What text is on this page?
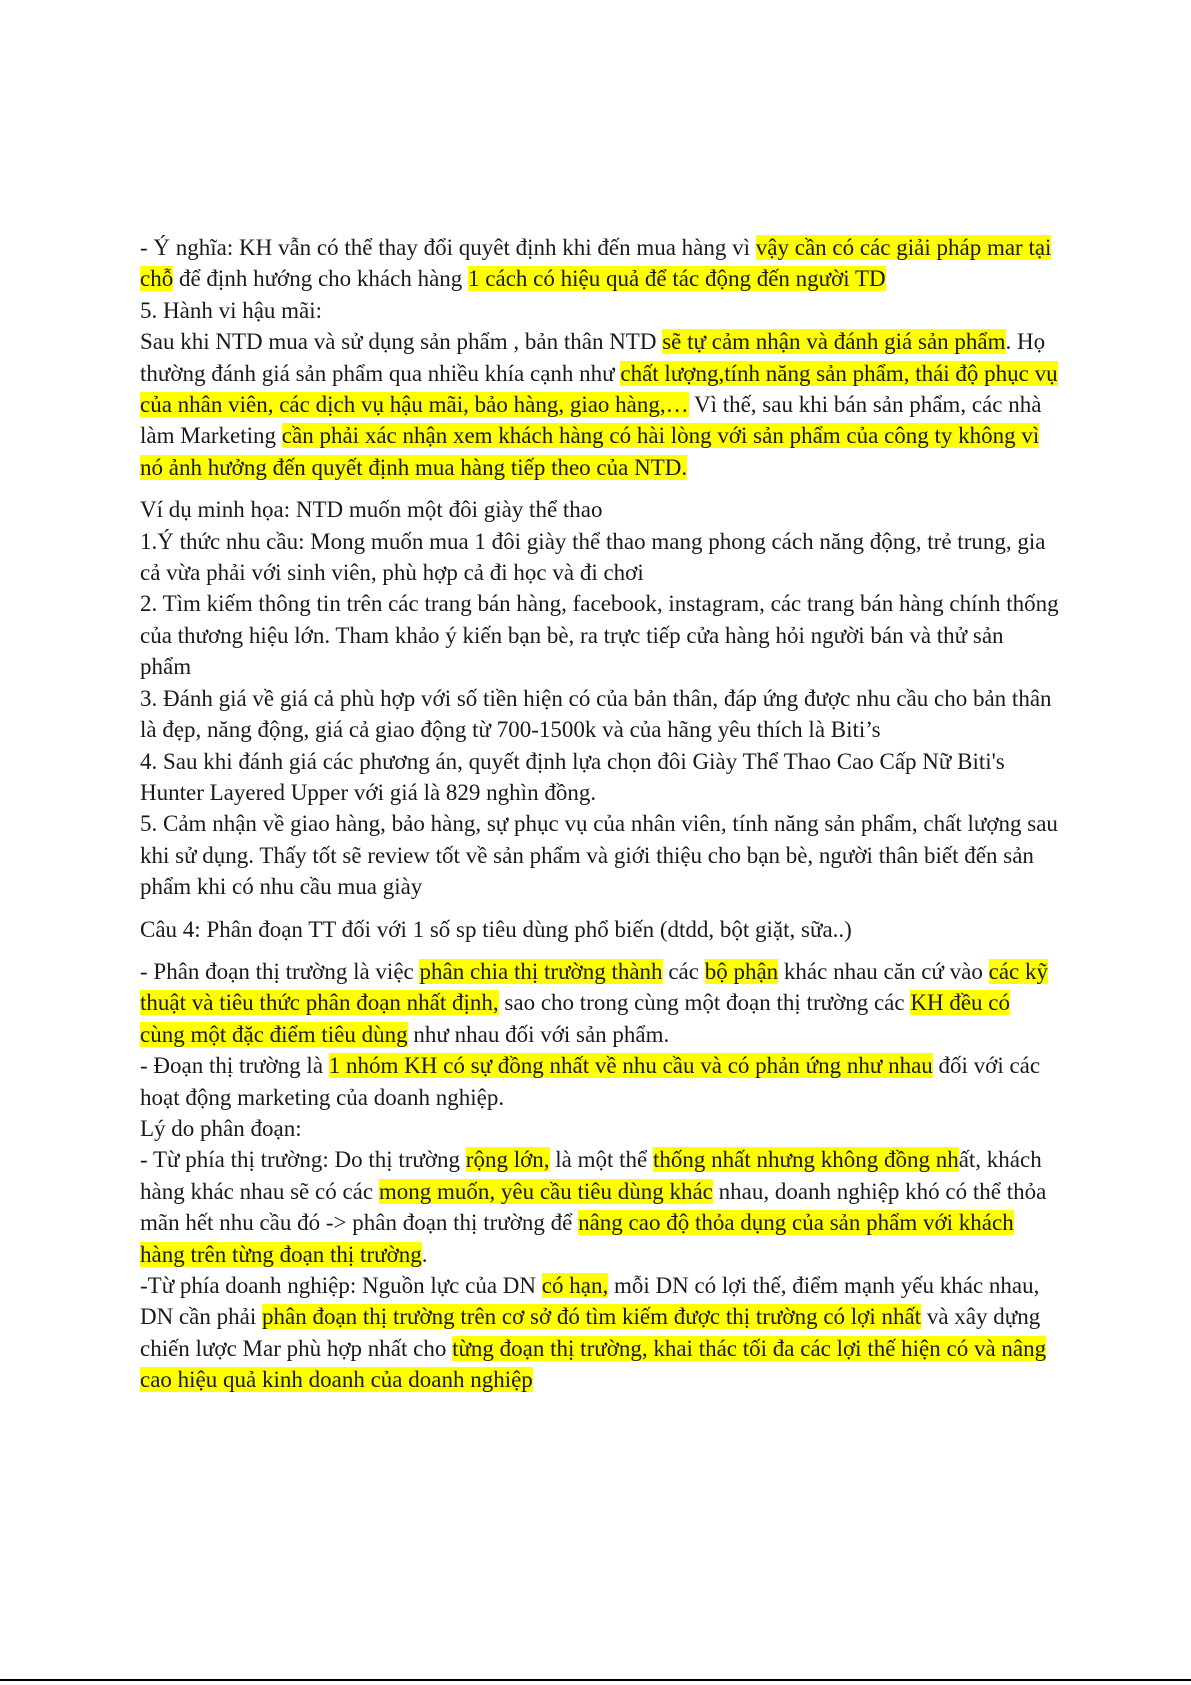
- Ý nghĩa: KH vẫn có thể thay đổi quyêt định khi đến mua hàng vì vậy cần có các giải pháp mar tại chỗ để định hướng cho khách hàng 1 cách có hiệu quả để tác động đến người TD

5. Hành vi hậu mãi:

Sau khi NTD mua và sử dụng sản phẩm , bản thân NTD sẽ tự cảm nhận và đánh giá sản phẩm. Họ thường đánh giá sản phẩm qua nhiều khía cạnh như chất lượng,tính năng sản phẩm, thái độ phục vụ của nhân viên, các dịch vụ hậu mãi, bảo hàng, giao hàng,… Vì thế, sau khi bán sản phẩm, các nhà làm Marketing cần phải xác nhận xem khách hàng có hài lòng với sản phẩm của công ty không vì nó ảnh hưởng đến quyết định mua hàng tiếp theo của NTD.

Ví dụ minh họa: NTD muốn một đôi giày thể thao

1.Ý thức nhu cầu: Mong muốn mua 1 đôi giày thể thao mang phong cách năng động, trẻ trung, gia cả vừa phải với sinh viên, phù hợp cả đi học và đi chơi

2. Tìm kiếm thông tin trên các trang bán hàng, facebook, instagram, các trang bán hàng chính thống của thương hiệu lớn. Tham khảo ý kiến bạn bè, ra trực tiếp cửa hàng hỏi người bán và thử sản phẩm

3. Đánh giá về giá cả phù hợp với số tiền hiện có của bản thân, đáp ứng được nhu cầu cho bản thân là đẹp, năng động, giá cả giao động từ 700-1500k và của hãng yêu thích là Biti’s

4. Sau khi đánh giá các phương án, quyết định lựa chọn đôi Giày Thể Thao Cao Cấp Nữ Biti's Hunter Layered Upper với giá là 829 nghìn đồng.

5. Cảm nhận về giao hàng, bảo hàng, sự phục vụ của nhân viên, tính năng sản phẩm, chất lượng sau khi sử dụng. Thấy tốt sẽ review tốt về sản phẩm và giới thiệu cho bạn bè, người thân biết đến sản phẩm khi có nhu cầu mua giày

Câu 4: Phân đoạn TT đối với 1 số sp tiêu dùng phổ biến (dtdd, bột giặt, sữa..)

- Phân đoạn thị trường là việc phân chia thị trường thành các bộ phận khác nhau căn cứ vào các kỹ thuật và tiêu thức phân đoạn nhất định, sao cho trong cùng một đoạn thị trường các KH đều có cùng một đặc điểm tiêu dùng như nhau đối với sản phẩm.

- Đoạn thị trường là 1 nhóm KH có sự đồng nhất về nhu cầu và có phản ứng như nhau đối với các hoạt động marketing của doanh nghiệp.

Lý do phân đoạn:

- Từ phía thị trường: Do thị trường rộng lớn, là một thể thống nhất nhưng không đồng nhất, khách hàng khác nhau sẽ có các mong muốn, yêu cầu tiêu dùng khác nhau, doanh nghiệp khó có thể thỏa mãn hết nhu cầu đó -> phân đoạn thị trường để nâng cao độ thỏa dụng của sản phẩm với khách hàng trên từng đoạn thị trường.

-Từ phía doanh nghiệp: Nguồn lực của DN có hạn, mỗi DN có lợi thế, điểm mạnh yếu khác nhau, DN cần phải phân đoạn thị trường trên cơ sở đó tìm kiếm được thị trường có lợi nhất và xây dựng chiến lược Mar phù hợp nhất cho từng đoạn thị trường, khai thác tối đa các lợi thế hiện có và nâng cao hiệu quả kinh doanh của doanh nghiệp
